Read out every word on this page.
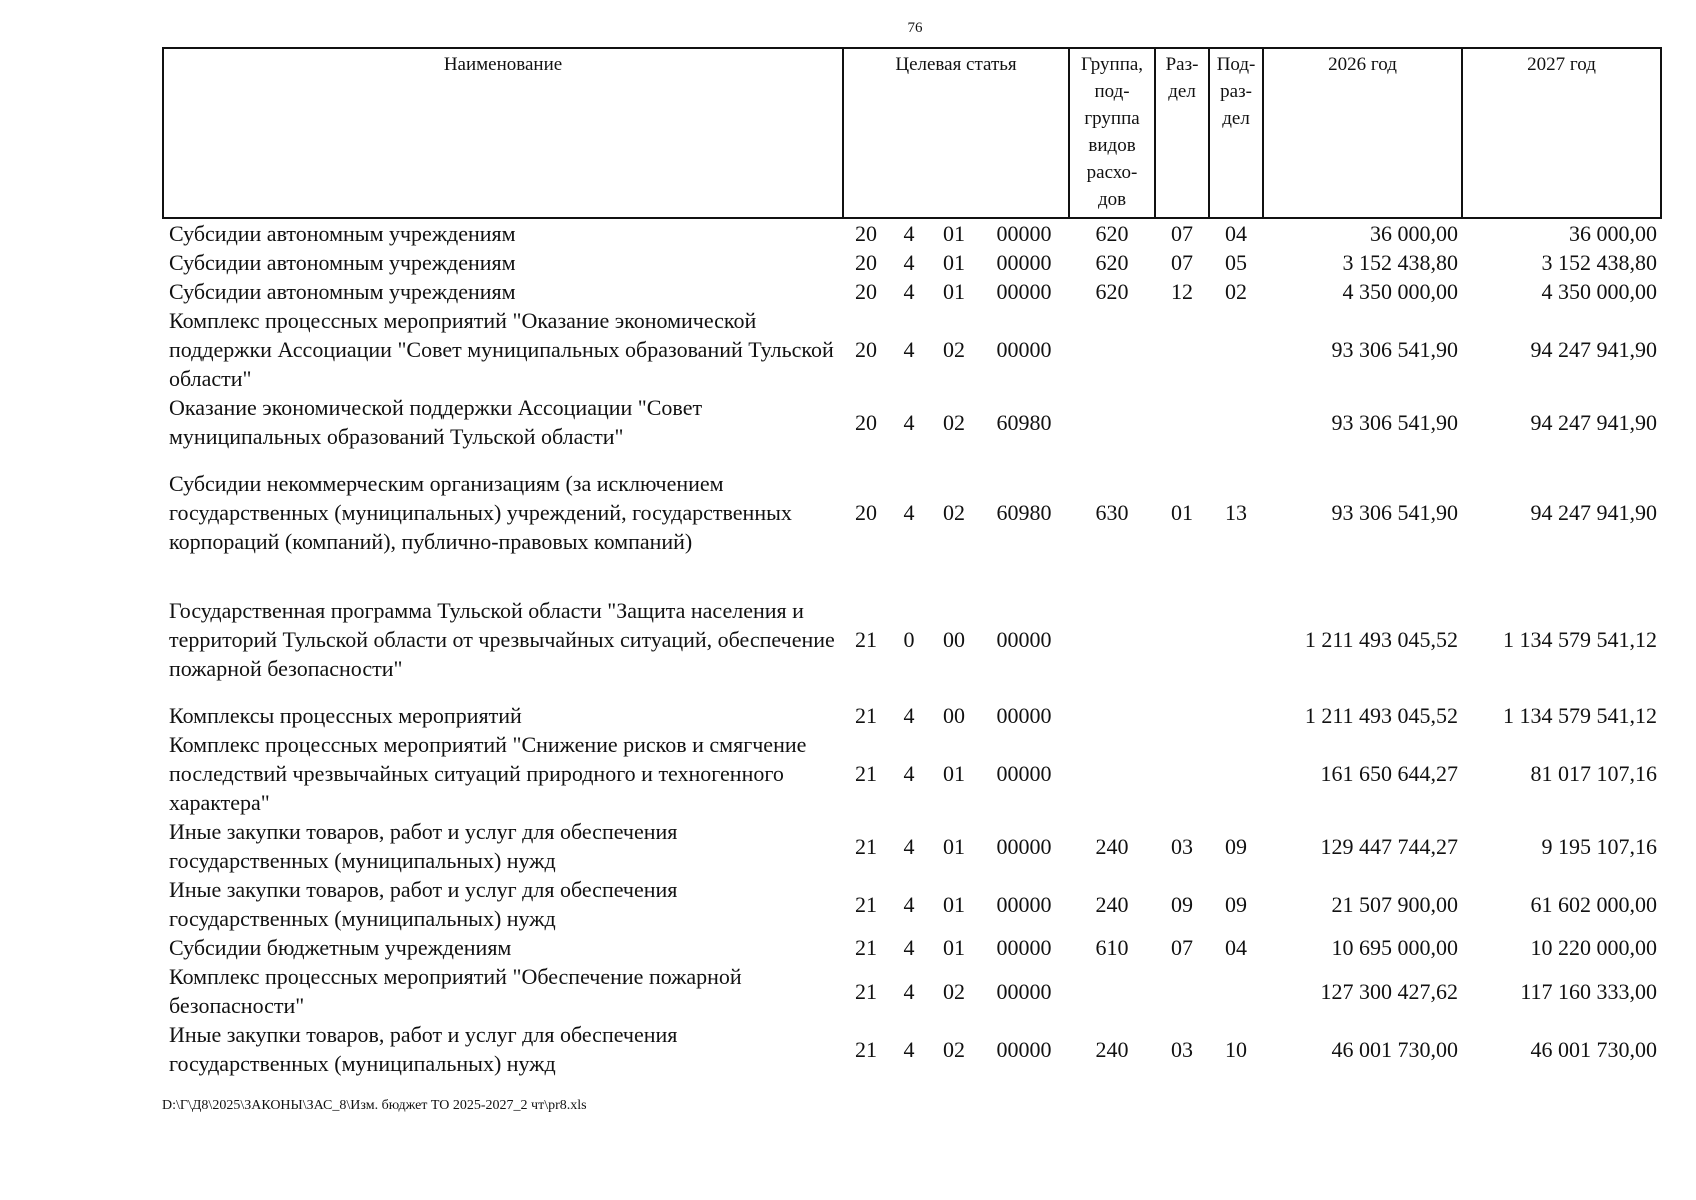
76
Наименование	Целевая статья				Группа, под-группа видов расхо-дов	Раз-дел	Под-раз-дел	2026 год	2027 год
Субсидии автономным учреждениям	20	4	01	00000	620	07	04	36 000,00	36 000,00
Субсидии автономным учреждениям	20	4	01	00000	620	07	05	3 152 438,80	3 152 438,80
Субсидии автономным учреждениям	20	4	01	00000	620	12	02	4 350 000,00	4 350 000,00
Комплекс процессных мероприятий "Оказание экономической поддержки Ассоциации "Совет муниципальных образований Тульской области"	20	4	02	00000				93 306 541,90	94 247 941,90
Оказание экономической поддержки Ассоциации "Совет муниципальных образований Тульской области"	20	4	02	60980				93 306 541,90	94 247 941,90

Субсидии некоммерческим организациям (за исключением государственных (муниципальных) учреждений, государственных корпораций (компаний), публично-правовых компаний)	20	4	02	60980	630	01	13	93 306 541,90	94 247 941,90

Государственная программа Тульской области "Защита населения и территорий Тульской области от чрезвычайных ситуаций, обеспечение пожарной безопасности"	21	0	00	00000				1 211 493 045,52	1 134 579 541,12

Комплексы процессных мероприятий	21	4	00	00000				1 211 493 045,52	1 134 579 541,12
Комплекс процессных мероприятий "Снижение рисков и смягчение последствий чрезвычайных ситуаций природного и техногенного характера"	21	4	01	00000				161 650 644,27	81 017 107,16
Иные закупки товаров, работ и услуг для обеспечения государственных (муниципальных) нужд	21	4	01	00000	240	03	09	129 447 744,27	9 195 107,16
Иные закупки товаров, работ и услуг для обеспечения государственных (муниципальных) нужд	21	4	01	00000	240	09	09	21 507 900,00	61 602 000,00
Субсидии бюджетным учреждениям	21	4	01	00000	610	07	04	10 695 000,00	10 220 000,00
Комплекс процессных мероприятий "Обеспечение пожарной безопасности"	21	4	02	00000				127 300 427,62	117 160 333,00
Иные закупки товаров, работ и услуг для обеспечения государственных (муниципальных) нужд	21	4	02	00000	240	03	10	46 001 730,00	46 001 730,00
D:\Г\Д8\2025\ЗАКОНЫ\ЗАС_8\Изм. бюджет ТО 2025-2027_2 чт\pr8.xls
